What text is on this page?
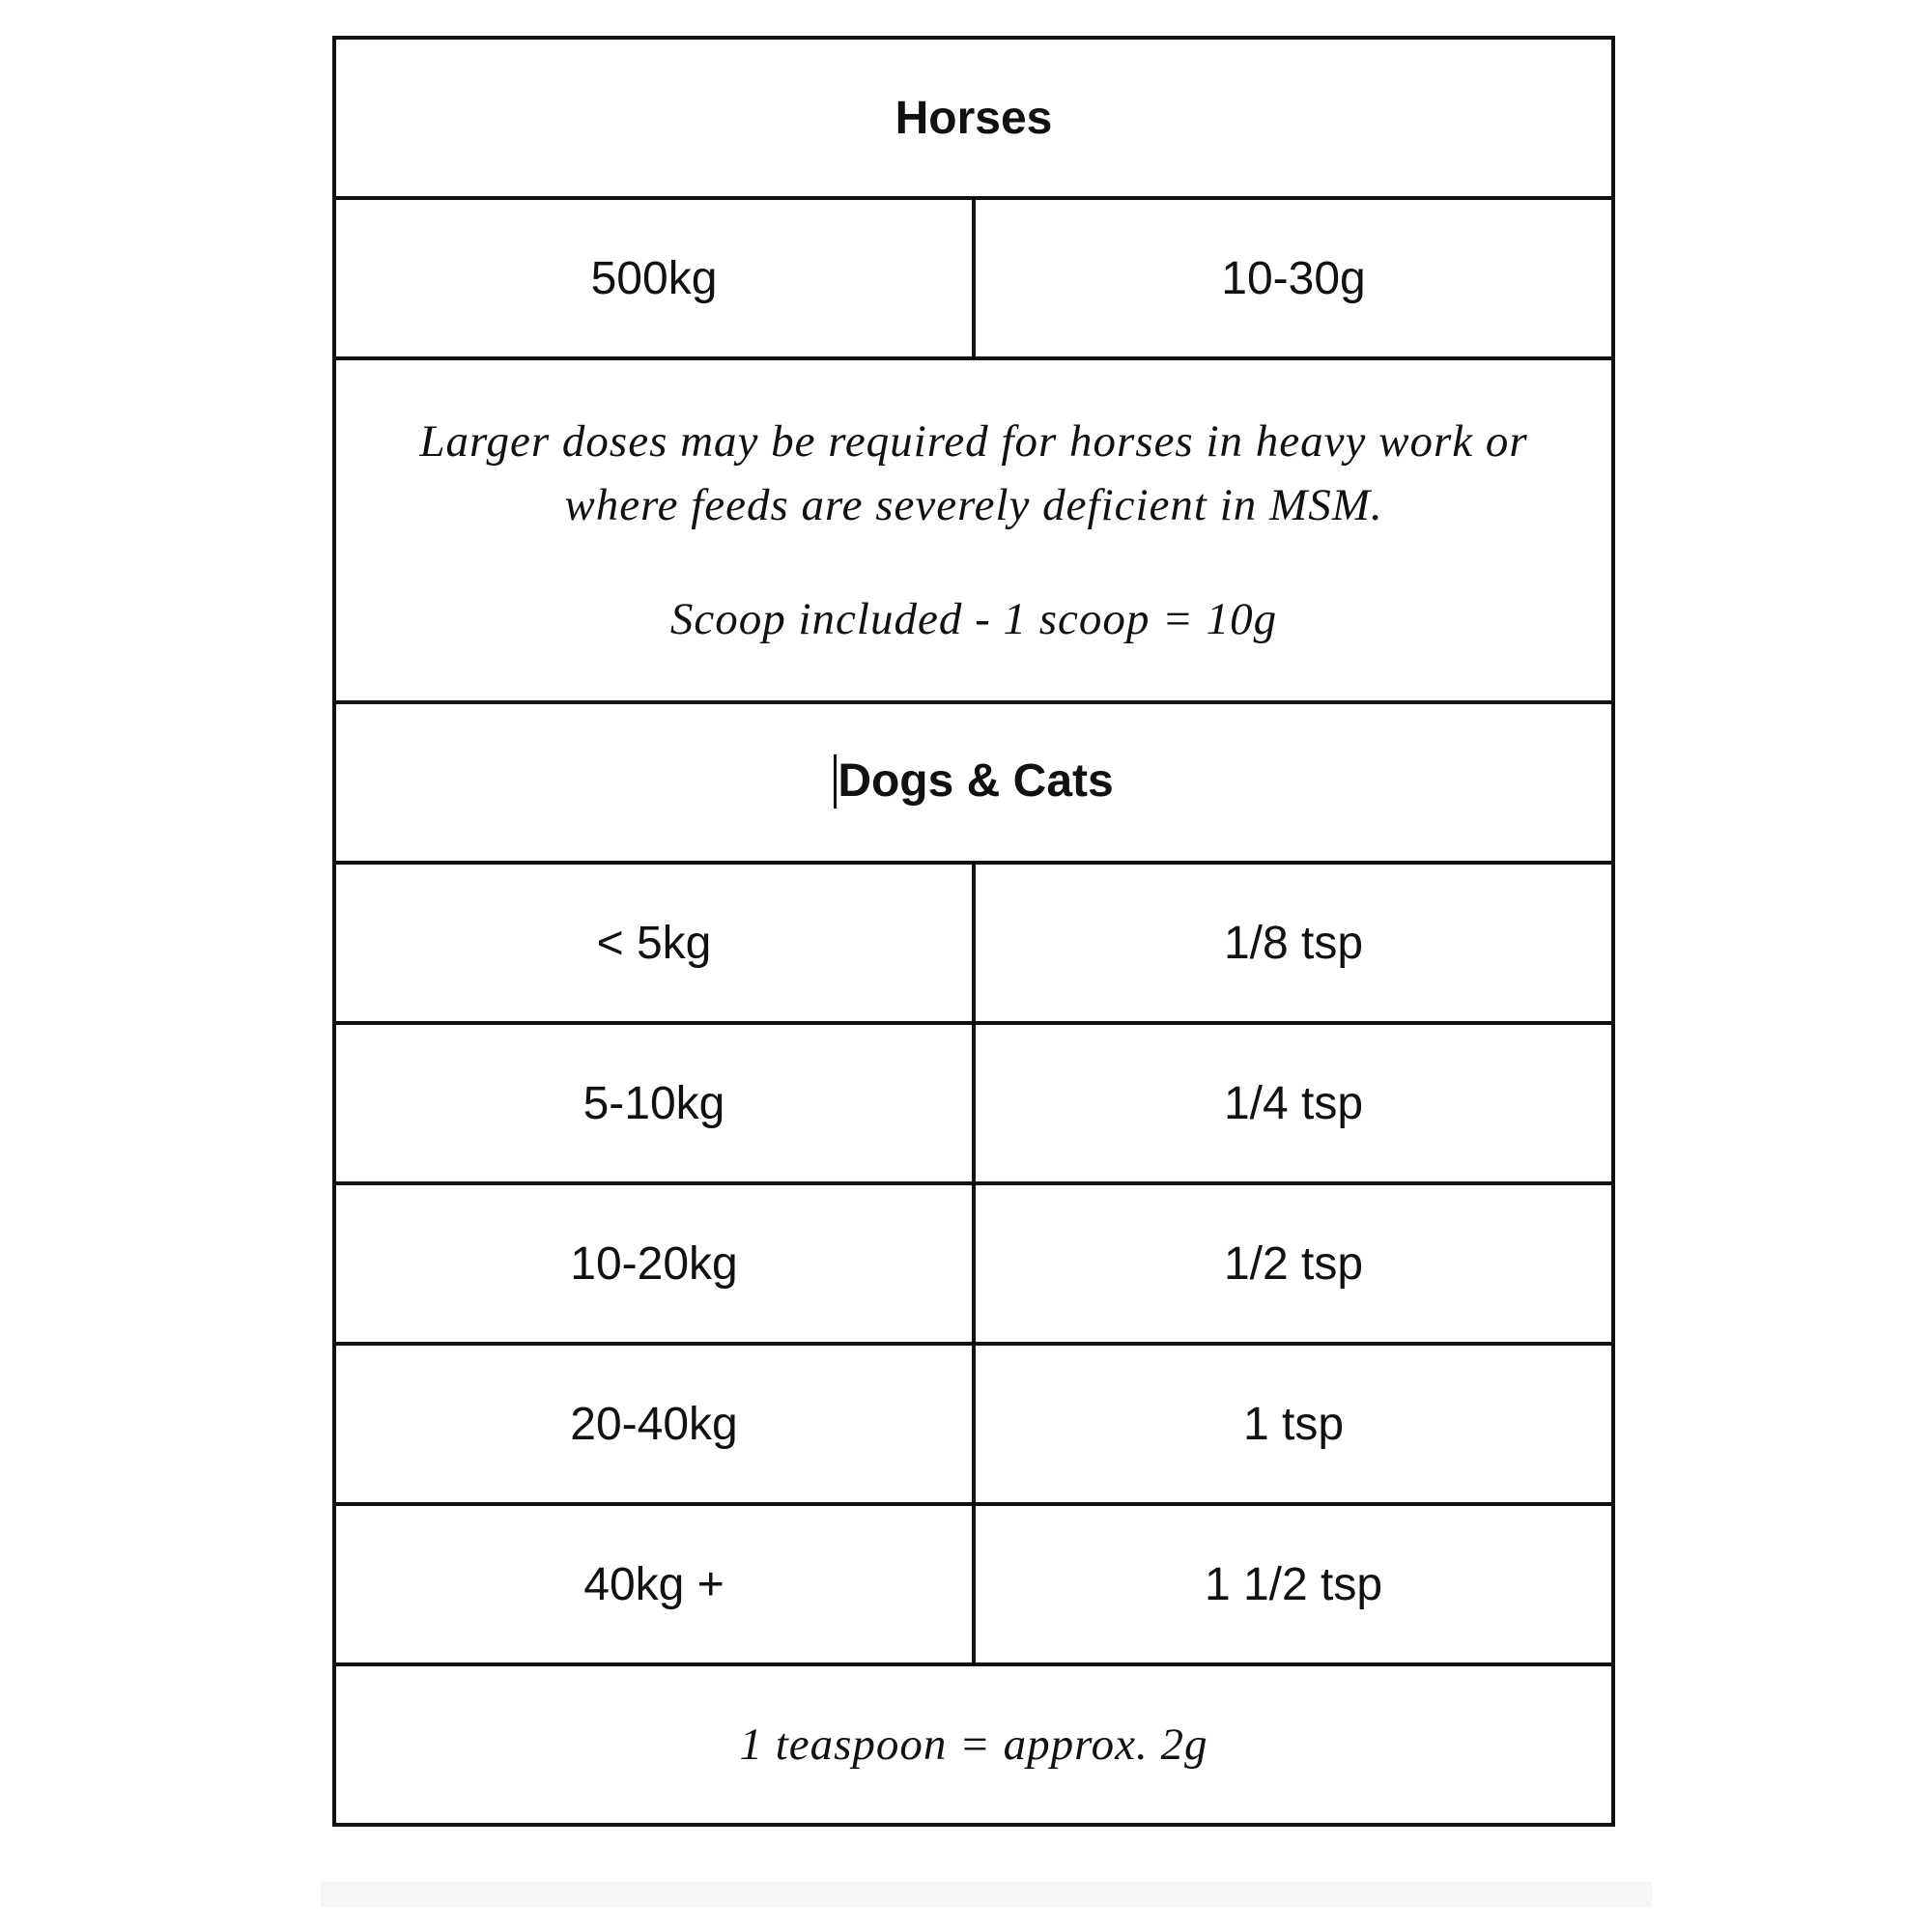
Horses	
500kg	10-30g

Larger doses may be required for horses in heavy work or
where feeds are severely deficient in MSM.
Scoop included - 1 scoop = 10g	

Dogs & Cats	
< 5kg	1/8 tsp
5-10kg	1/4 tsp
10-20kg	1/2 tsp
20-40kg	1 tsp
40kg +	1 1/2 tsp
1 teaspoon = approx. 2g	
